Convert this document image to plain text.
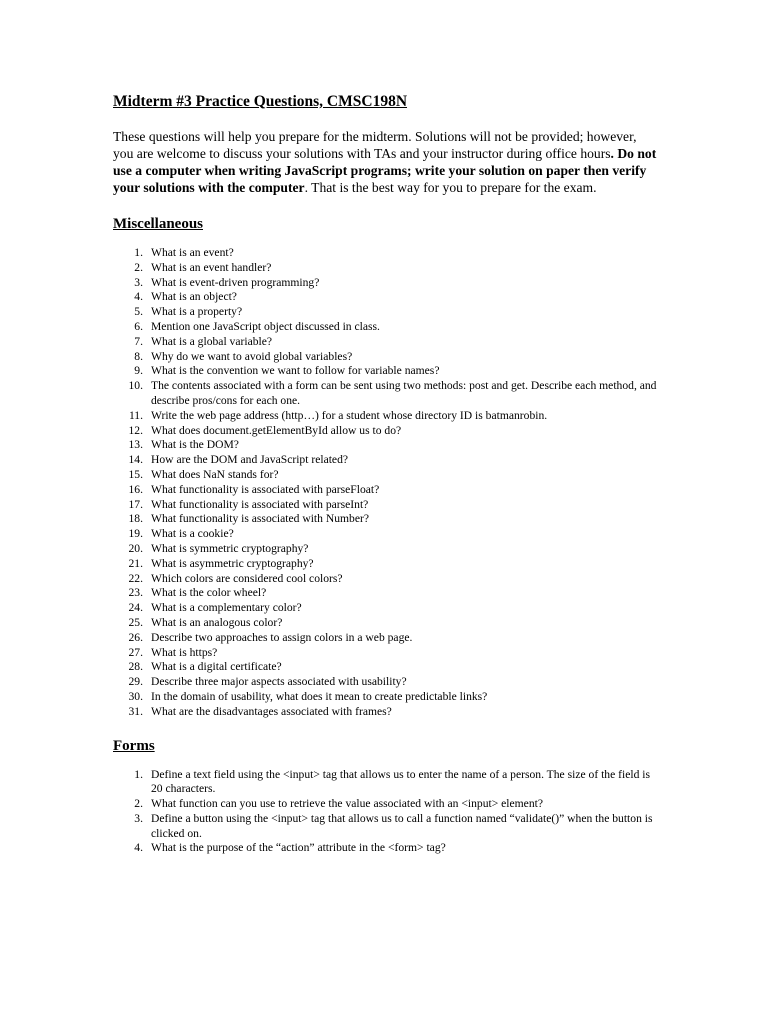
Midterm #3 Practice Questions, CMSC198N

These questions will help you prepare for the midterm. Solutions will not be provided; however, you are welcome to discuss your solutions with TAs and your instructor during office hours. Do not use a computer when writing JavaScript programs; write your solution on paper then verify your solutions with the computer. That is the best way for you to prepare for the exam.

Miscellaneous
1. What is an event?
2. What is an event handler?
3. What is event-driven programming?
4. What is an object?
5. What is a property?
6. Mention one JavaScript object discussed in class.
7. What is a global variable?
8. Why do we want to avoid global variables?
9. What is the convention we want to follow for variable names?
10. The contents associated with a form can be sent using two methods: post and get. Describe each method, and describe pros/cons for each one.
11. Write the web page address (http…) for a student whose directory ID is batmanrobin.
12. What does document.getElementById allow us to do?
13. What is the DOM?
14. How are the DOM and JavaScript related?
15. What does NaN stands for?
16. What functionality is associated with parseFloat?
17. What functionality is associated with parseInt?
18. What functionality is associated with Number?
19. What is a cookie?
20. What is symmetric cryptography?
21. What is asymmetric cryptography?
22. Which colors are considered cool colors?
23. What is the color wheel?
24. What is a complementary color?
25. What is an analogous color?
26. Describe two approaches to assign colors in a web page.
27. What is https?
28. What is a digital certificate?
29. Describe three major aspects associated with usability?
30. In the domain of usability, what does it mean to create predictable links?
31. What are the disadvantages associated with frames?
Forms
1. Define a text field using the <input> tag that allows us to enter the name of a person. The size of the field is 20 characters.
2. What function can you use to retrieve the value associated with an <input> element?
3. Define a button using the <input> tag that allows us to call a function named “validate()” when the button is clicked on.
4. What is the purpose of the “action” attribute in the <form> tag?
